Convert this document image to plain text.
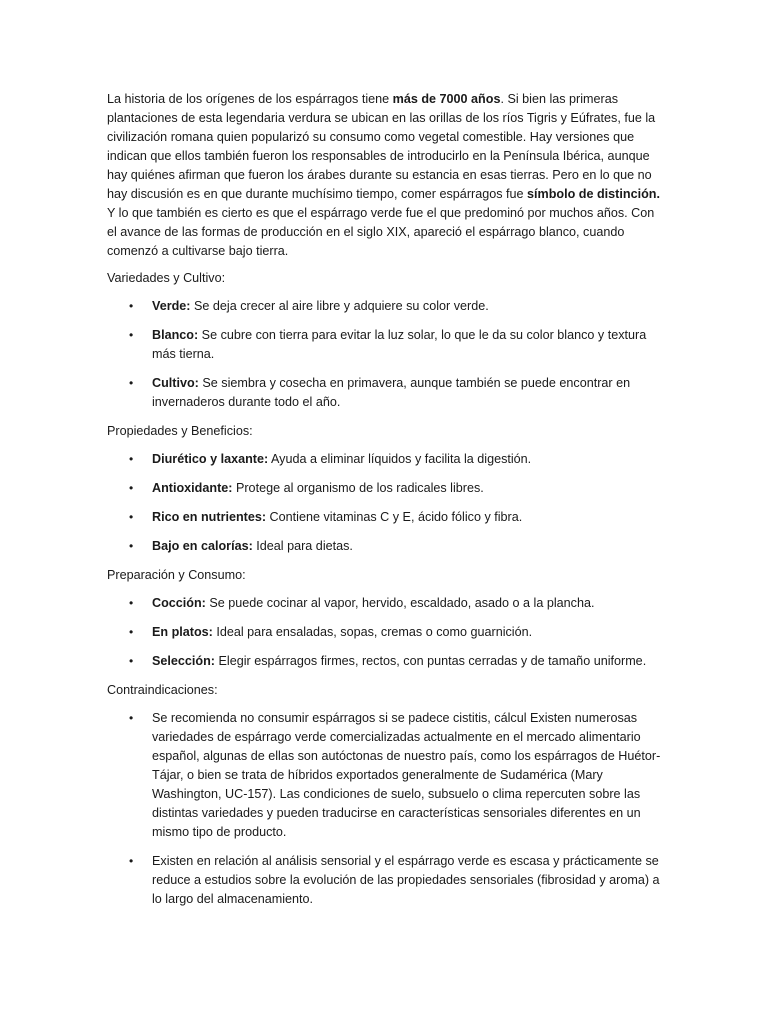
La historia de los orígenes de los espárragos tiene más de 7000 años. Si bien las primeras plantaciones de esta legendaria verdura se ubican en las orillas de los ríos Tigris y Eúfrates, fue la civilización romana quien popularizó su consumo como vegetal comestible. Hay versiones que indican que ellos también fueron los responsables de introducirlo en la Península Ibérica, aunque hay quiénes afirman que fueron los árabes durante su estancia en esas tierras. Pero en lo que no hay discusión es en que durante muchísimo tiempo, comer espárragos fue símbolo de distinción. Y lo que también es cierto es que el espárrago verde fue el que predominó por muchos años. Con el avance de las formas de producción en el siglo XIX, apareció el espárrago blanco, cuando comenzó a cultivarse bajo tierra.

Variedades y Cultivo:

• Verde: Se deja crecer al aire libre y adquiere su color verde.
• Blanco: Se cubre con tierra para evitar la luz solar, lo que le da su color blanco y textura más tierna.
• Cultivo: Se siembra y cosecha en primavera, aunque también se puede encontrar en invernaderos durante todo el año.

Propiedades y Beneficios:

• Diurético y laxante: Ayuda a eliminar líquidos y facilita la digestión.
• Antioxidante: Protege al organismo de los radicales libres.
• Rico en nutrientes: Contiene vitaminas C y E, ácido fólico y fibra.
• Bajo en calorías: Ideal para dietas.

Preparación y Consumo:

• Cocción: Se puede cocinar al vapor, hervido, escaldado, asado o a la plancha.
• En platos: Ideal para ensaladas, sopas, cremas o como guarnición.
• Selección: Elegir espárragos firmes, rectos, con puntas cerradas y de tamaño uniforme.

Contraindicaciones:

• Se recomienda no consumir espárragos si se padece cistitis, cálcul Existen numerosas variedades de espárrago verde comercializadas actualmente en el mercado alimentario español, algunas de ellas son autóctonas de nuestro país, como los espárragos de Huétor-Tájar, o bien se trata de híbridos exportados generalmente de Sudamérica (Mary Washington, UC-157). Las condiciones de suelo, subsuelo o clima repercuten sobre las distintas variedades y pueden traducirse en características sensoriales diferentes en un mismo tipo de producto.
• Existen en relación al análisis sensorial y el espárrago verde es escasa y prácticamente se reduce a estudios sobre la evolución de las propiedades sensoriales (fibrosidad y aroma) a lo largo del almacenamiento.
